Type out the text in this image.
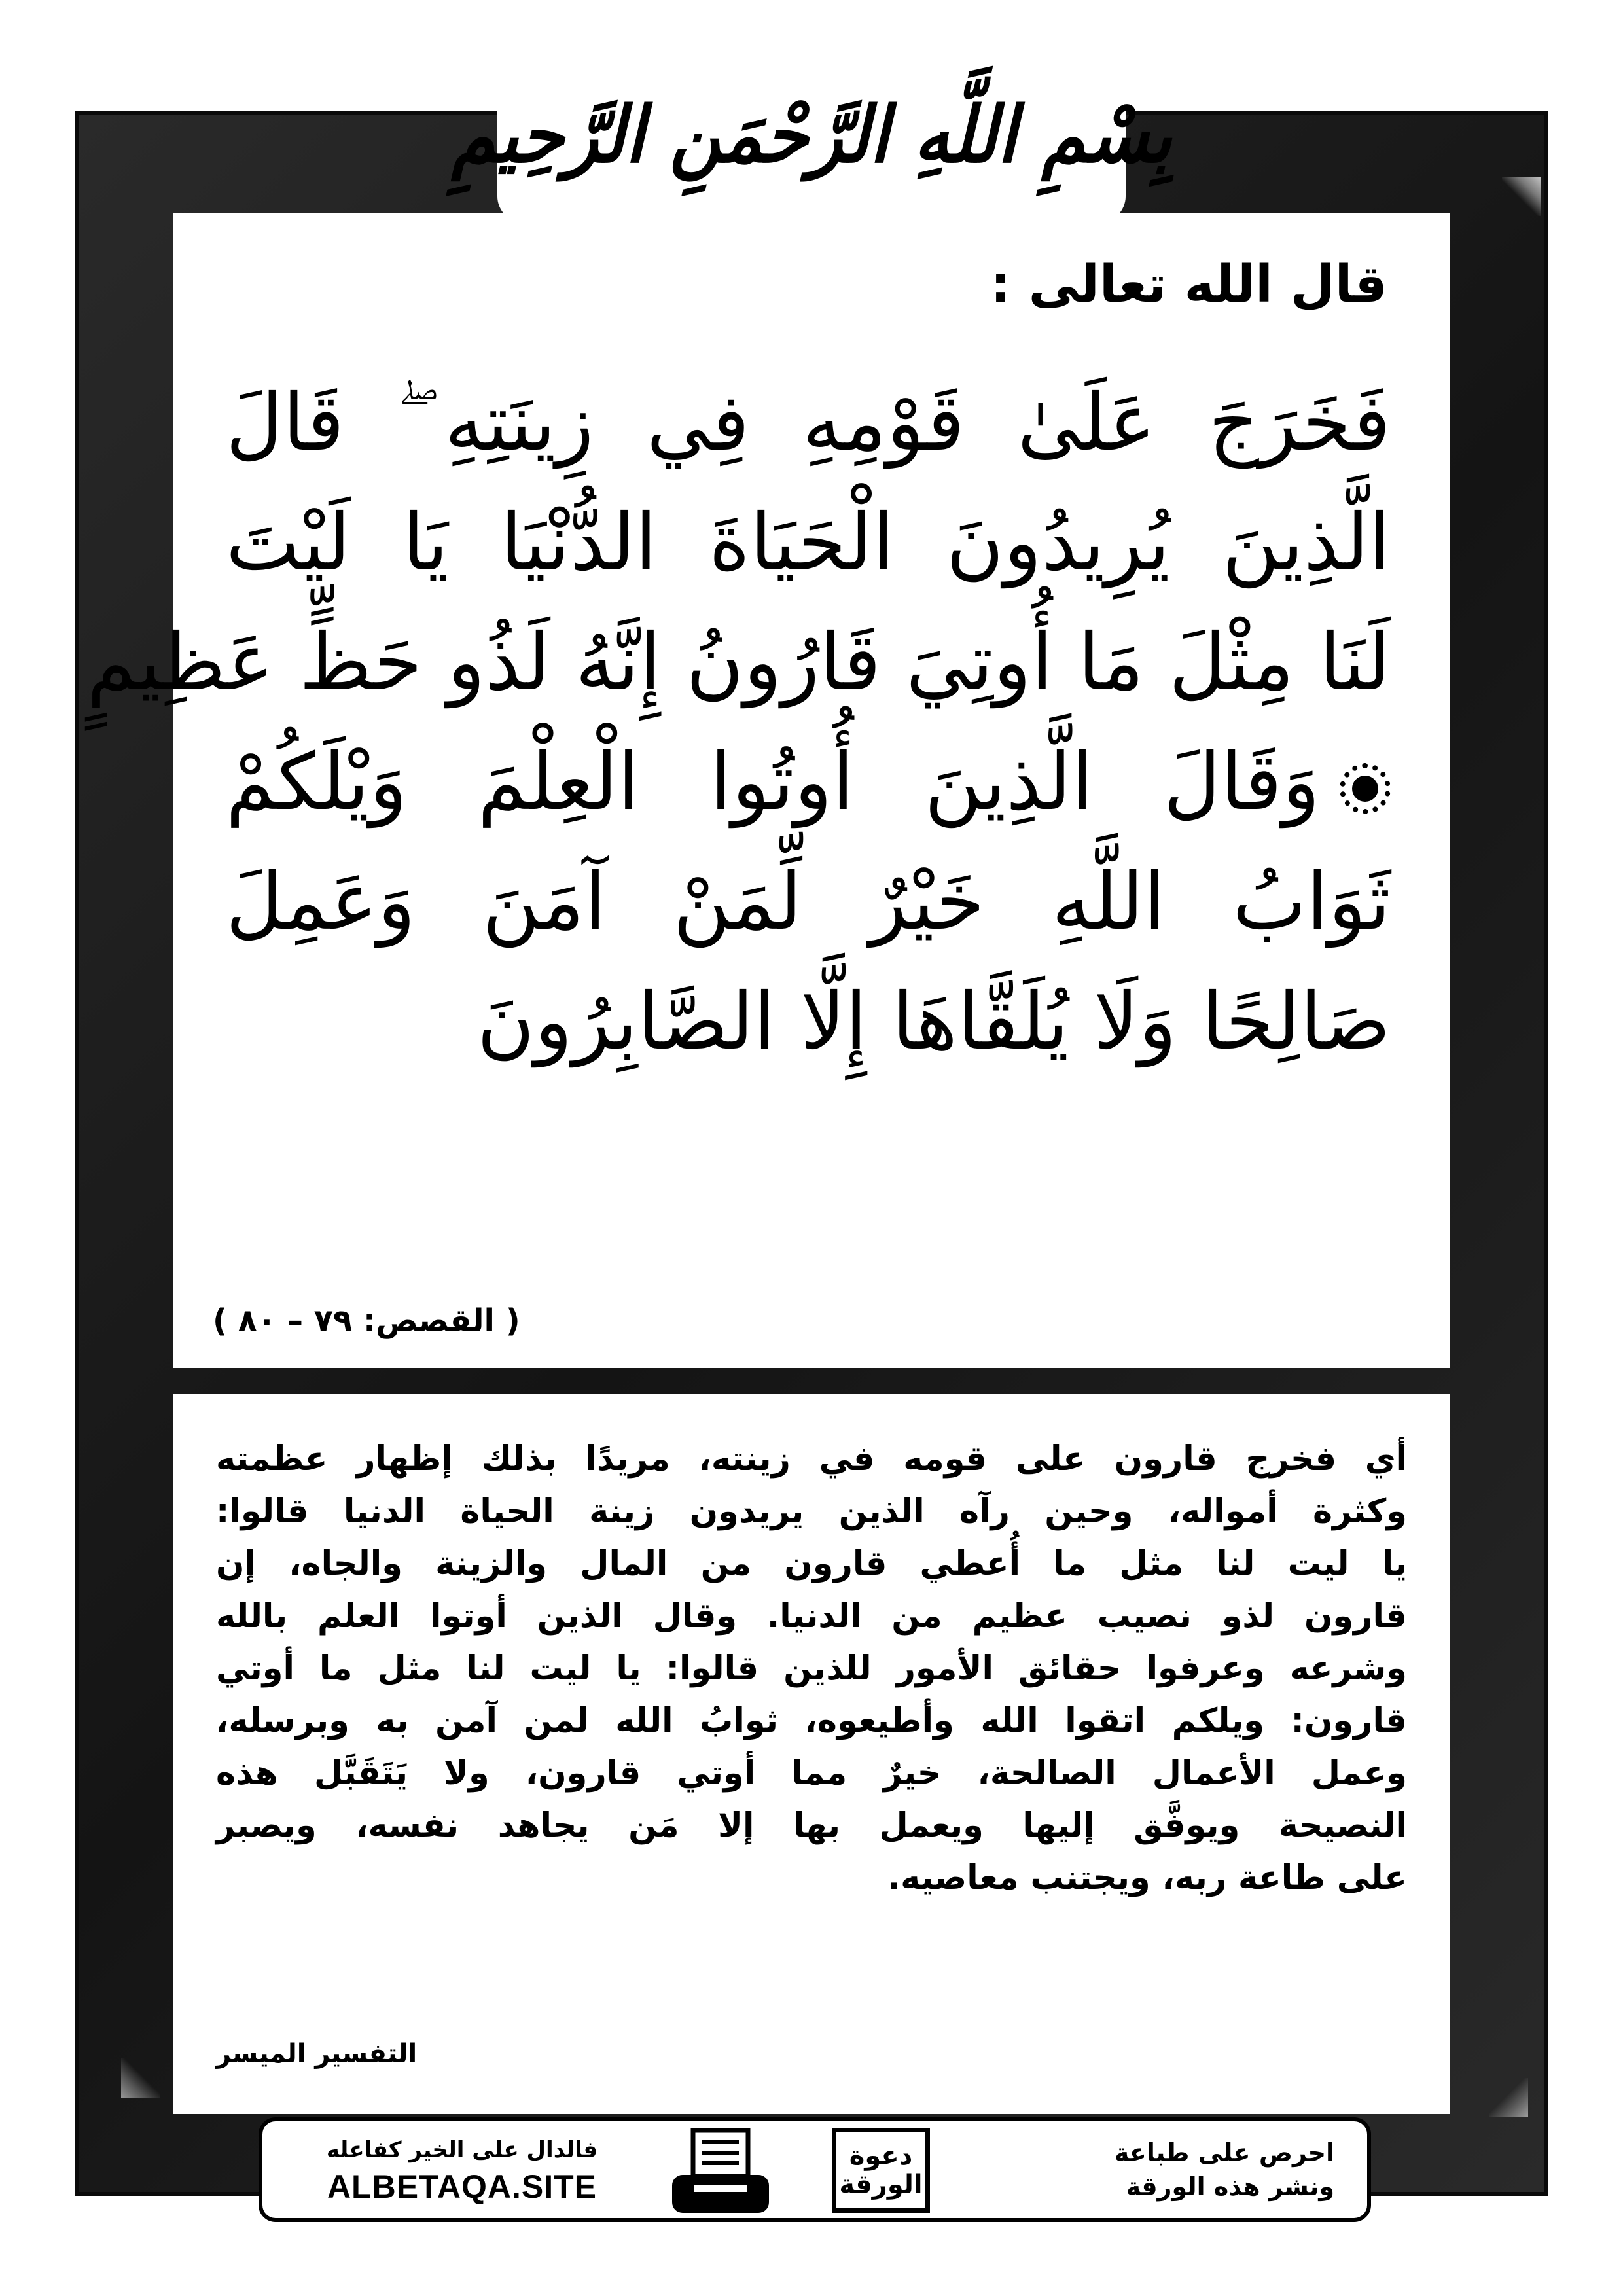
بِسْمِ اللَّهِ الرَّحْمَنِ الرَّحِيمِ
قال الله تعالى :
فَخَرَجَ عَلَىٰ قَوْمِهِ فِي زِينَتِهِ ۖ قَالَ
الَّذِينَ يُرِيدُونَ الْحَيَاةَ الدُّنْيَا يَا لَيْتَ
لَنَا مِثْلَ مَا أُوتِيَ قَارُونُ إِنَّهُ لَذُو حَظٍّ عَظِيمٍ
وَقَالَ الَّذِينَ أُوتُوا الْعِلْمَ وَيْلَكُمْ
ثَوَابُ اللَّهِ خَيْرٌ لِّمَنْ آمَنَ وَعَمِلَ
صَالِحًا وَلَا يُلَقَّاهَا إِلَّا الصَّابِرُونَ
( القصص: ٧٩ – ٨٠ )
أي فخرج قارون على قومه في زينته، مريدًا بذلك إظهار عظمته
وكثرة أمواله، وحين رآه الذين يريدون زينة الحياة الدنيا قالوا:
يا ليت لنا مثل ما أُعطي قارون من المال والزينة والجاه، إن
قارون لذو نصيب عظيم من الدنيا. وقال الذين أوتوا العلم بالله
وشرعه وعرفوا حقائق الأمور للذين قالوا: يا ليت لنا مثل ما أوتي
قارون: ويلكم اتقوا الله وأطيعوه، ثوابُ الله لمن آمن به وبرسله،
وعمل الأعمال الصالحة، خيرٌ مما أوتي قارون، ولا يَتَقَبَّل هذه
النصيحة ويوفَّق إليها ويعمل بها إلا مَن يجاهد نفسه، ويصبر
على طاعة ربه، ويجتنب معاصيه.
التفسير الميسر
احرص على طباعة
ونشر هذه الورقة
دعوة
الورقة
فالدال على الخير كفاعله
ALBETAQA.SITE
